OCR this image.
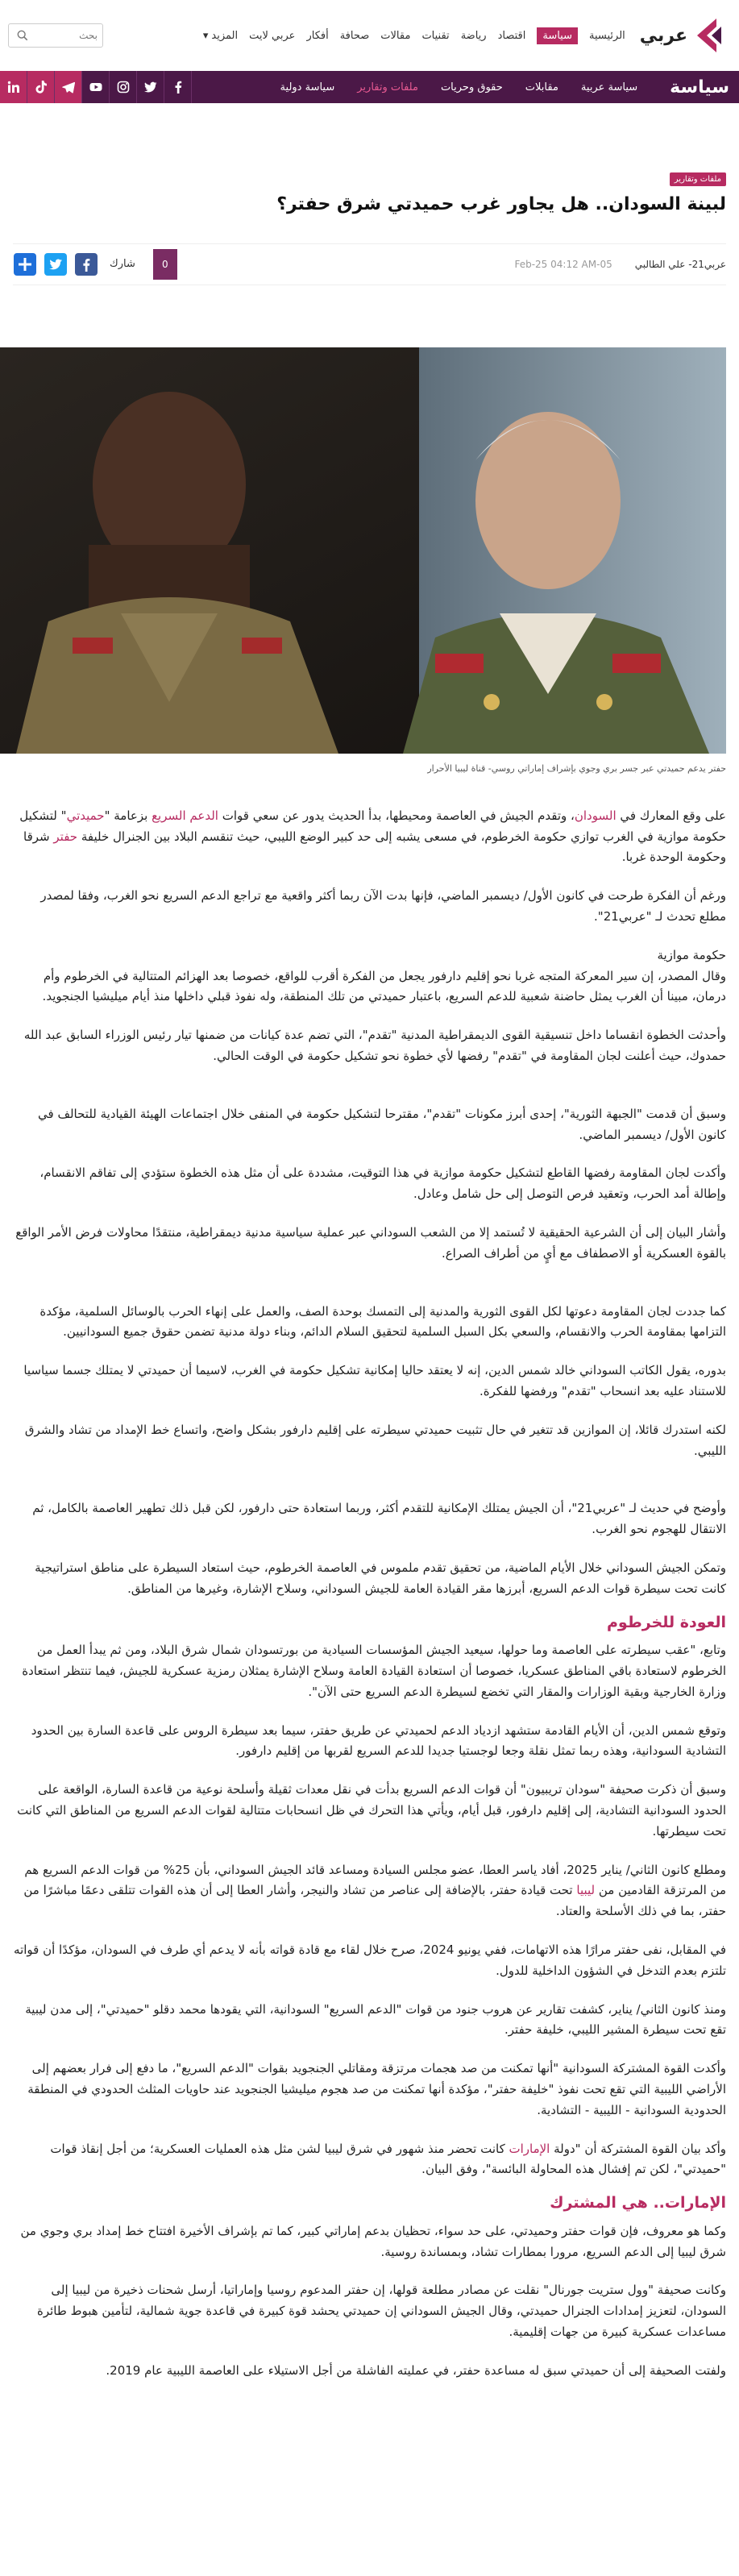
عربي
الرئيسية
سياسة
اقتصاد
رياضة
تقنيات
مقالات
صحافة
أفكار
عربي لايت
المزيد
▾
بحث
سياسة
سياسة عربية
مقابلات
حقوق وحريات
ملفات وتقارير
سياسة دولية
ملفات وتقارير
لبينة السودان.. هل يجاور غرب حميدتي شرق حفتر؟
عربي21- علي الطالبي
05-Feb-25 04:12 AM
0
شارك

حفتر يدعم حميدتي عبر جسر بري وجوي بإشراف إماراتي روسي- قناة ليبيا الأحرار

على وقع المعارك في السودان، وتقدم الجيش في العاصمة ومحيطها، بدأ الحديث يدور عن سعي قوات الدعم السريع بزعامة "حميدتي" لتشكيل حكومة موازية في الغرب توازي حكومة الخرطوم، في مسعى يشبه إلى حد كبير الوضع الليبي، حيث تنقسم البلاد بين الجنرال خليفة حفتر شرقا وحكومة الوحدة غربا.

ورغم أن الفكرة طرحت في كانون الأول/ ديسمبر الماضي، فإنها بدت الآن ربما أكثر واقعية مع تراجع الدعم السريع نحو الغرب، وفقا لمصدر مطلع تحدث لـ "عربي21".

حكومة موازية

وقال المصدر، إن سير المعركة المتجه غربا نحو إقليم دارفور يجعل من الفكرة أقرب للواقع، خصوصا بعد الهزائم المتتالية في الخرطوم وأم درمان، مبينا أن الغرب يمثل حاضنة شعبية للدعم السريع، باعتبار حميدتي من تلك المنطقة، وله نفوذ قبلي داخلها منذ أيام ميليشيا الجنجويد.

وأحدثت الخطوة انقساما داخل تنسيقية القوى الديمقراطية المدنية "تقدم"، التي تضم عدة كيانات من ضمنها تيار رئيس الوزراء السابق عبد الله حمدوك، حيث أعلنت لجان المقاومة في "تقدم" رفضها لأي خطوة نحو تشكيل حكومة في الوقت الحالي.

وسبق أن قدمت "الجبهة الثورية"، إحدى أبرز مكونات "تقدم"، مقترحا لتشكيل حكومة في المنفى خلال اجتماعات الهيئة القيادية للتحالف في كانون الأول/ ديسمبر الماضي.

وأكدت لجان المقاومة رفضها القاطع لتشكيل حكومة موازية في هذا التوقيت، مشددة على أن مثل هذه الخطوة ستؤدي إلى تفاقم الانقسام، وإطالة أمد الحرب، وتعقيد فرص التوصل إلى حل شامل وعادل.

وأشار البيان إلى أن الشرعية الحقيقية لا تُستمد إلا من الشعب السوداني عبر عملية سياسية مدنية ديمقراطية، منتقدًا محاولات فرض الأمر الواقع بالقوة العسكرية أو الاصطفاف مع أيٍ من أطراف الصراع.

كما جددت لجان المقاومة دعوتها لكل القوى الثورية والمدنية إلى التمسك بوحدة الصف، والعمل على إنهاء الحرب بالوسائل السلمية، مؤكدة التزامها بمقاومة الحرب والانقسام، والسعي بكل السبل السلمية لتحقيق السلام الدائم، وبناء دولة مدنية تضمن حقوق جميع السودانيين.

بدوره، يقول الكاتب السوداني خالد شمس الدين، إنه لا يعتقد حاليا إمكانية تشكيل حكومة في الغرب، لاسيما أن حميدتي لا يمتلك جسما سياسيا للاستناد عليه بعد انسحاب "تقدم" ورفضها للفكرة.

لكنه استدرك قائلا، إن الموازين قد تتغير في حال تثبيت حميدتي سيطرته على إقليم دارفور بشكل واضح، واتساع خط الإمداد من تشاد والشرق الليبي.

وأوضح في حديث لـ "عربي21"، أن الجيش يمتلك الإمكانية للتقدم أكثر، وربما استعادة حتى دارفور، لكن قبل ذلك تطهير العاصمة بالكامل، ثم الانتقال للهجوم نحو الغرب.

وتمكن الجيش السوداني خلال الأيام الماضية، من تحقيق تقدم ملموس في العاصمة الخرطوم، حيث استعاد السيطرة على مناطق استراتيجية كانت تحت سيطرة قوات الدعم السريع، أبرزها مقر القيادة العامة للجيش السوداني، وسلاح الإشارة، وغيرها من المناطق.

العودة للخرطوم

وتابع، "عقب سيطرته على العاصمة وما حولها، سيعيد الجيش المؤسسات السيادية من بورتسودان شمال شرق البلاد، ومن ثم يبدأ العمل من الخرطوم لاستعادة باقي المناطق عسكريا، خصوصا أن استعادة القيادة العامة وسلاح الإشارة يمثلان رمزية عسكرية للجيش، فيما تنتظر استعادة وزارة الخارجية وبقية الوزارات والمقار التي تخضع لسيطرة الدعم السريع حتى الآن".

وتوقع شمس الدين، أن الأيام القادمة ستشهد ازدياد الدعم لحميدتي عن طريق حفتر، سيما بعد سيطرة الروس على قاعدة السارة بين الحدود التشادية السودانية، وهذه ربما تمثل نقلة وجعا لوجستيا جديدا للدعم السريع لقربها من إقليم دارفور.

وسبق أن ذكرت صحيفة "سودان تريبيون" أن قوات الدعم السريع بدأت في نقل معدات ثقيلة وأسلحة نوعية من قاعدة السارة، الواقعة على الحدود السودانية التشادية، إلى إقليم دارفور، قبل أيام، ويأتي هذا التحرك في ظل انسحابات متتالية لقوات الدعم السريع من المناطق التي كانت تحت سيطرتها.

ومطلع كانون الثاني/ يناير 2025، أفاد ياسر العطا، عضو مجلس السيادة ومساعد قائد الجيش السوداني، بأن 25% من قوات الدعم السريع هم من المرتزقة القادمين من ليبيا تحت قيادة حفتر، بالإضافة إلى عناصر من تشاد والنيجر، وأشار العطا إلى أن هذه القوات تتلقى دعمًا مباشرًا من حفتر، بما في ذلك الأسلحة والعتاد.

في المقابل، نفى حفتر مرارًا هذه الاتهامات، ففي يونيو 2024، صرح خلال لقاء مع قادة قواته بأنه لا يدعم أي طرف في السودان، مؤكدًا أن قواته تلتزم بعدم التدخل في الشؤون الداخلية للدول.

ومنذ كانون الثاني/ يناير، كشفت تقارير عن هروب جنود من قوات "الدعم السريع" السودانية، التي يقودها محمد دقلو "حميدتي"، إلى مدن ليبية تقع تحت سيطرة المشير الليبي، خليفة حفتر.

وأكدت القوة المشتركة السودانية "أنها تمكنت من صد هجمات مرتزقة ومقاتلي الجنجويد بقوات "الدعم السريع"، ما دفع إلى فرار بعضهم إلى الأراضي الليبية التي تقع تحت نفوذ "خليفة حفتر"، مؤكدة أنها تمكنت من صد هجوم ميليشيا الجنجويد عند حاويات المثلث الحدودي في المنطقة الحدودية السودانية - الليبية - التشادية.

وأكد بيان القوة المشتركة أن "دولة الإمارات كانت تحضر منذ شهور في شرق ليبيا لشن مثل هذه العمليات العسكرية؛ من أجل إنقاذ قوات "حميدتي"، لكن تم إفشال هذه المحاولة البائسة"، وفق البيان.

الإمارات.. هي المشترك

وكما هو معروف، فإن قوات حفتر وحميدتي، على حد سواء، تحظيان بدعم إماراتي كبير، كما تم بإشراف الأخيرة افتتاح خط إمداد بري وجوي من شرق ليبيا إلى الدعم السريع، مرورا بمطارات تشاد، وبمساندة روسية.

وكانت صحيفة "وول ستريت جورنال" نقلت عن مصادر مطلعة قولها، إن حفتر المدعوم روسيا وإماراتيا، أرسل شحنات ذخيرة من ليبيا إلى السودان، لتعزيز إمدادات الجنرال حميدتي، وقال الجيش السوداني إن حميدتي يحشد قوة كبيرة في قاعدة جوية شمالية، لتأمين هبوط طائرة مساعدات عسكرية كبيرة من جهات إقليمية.

ولفتت الصحيفة إلى أن حميدتي سبق له مساعدة حفتر، في عمليته الفاشلة من أجل الاستيلاء على العاصمة الليبية عام 2019.
